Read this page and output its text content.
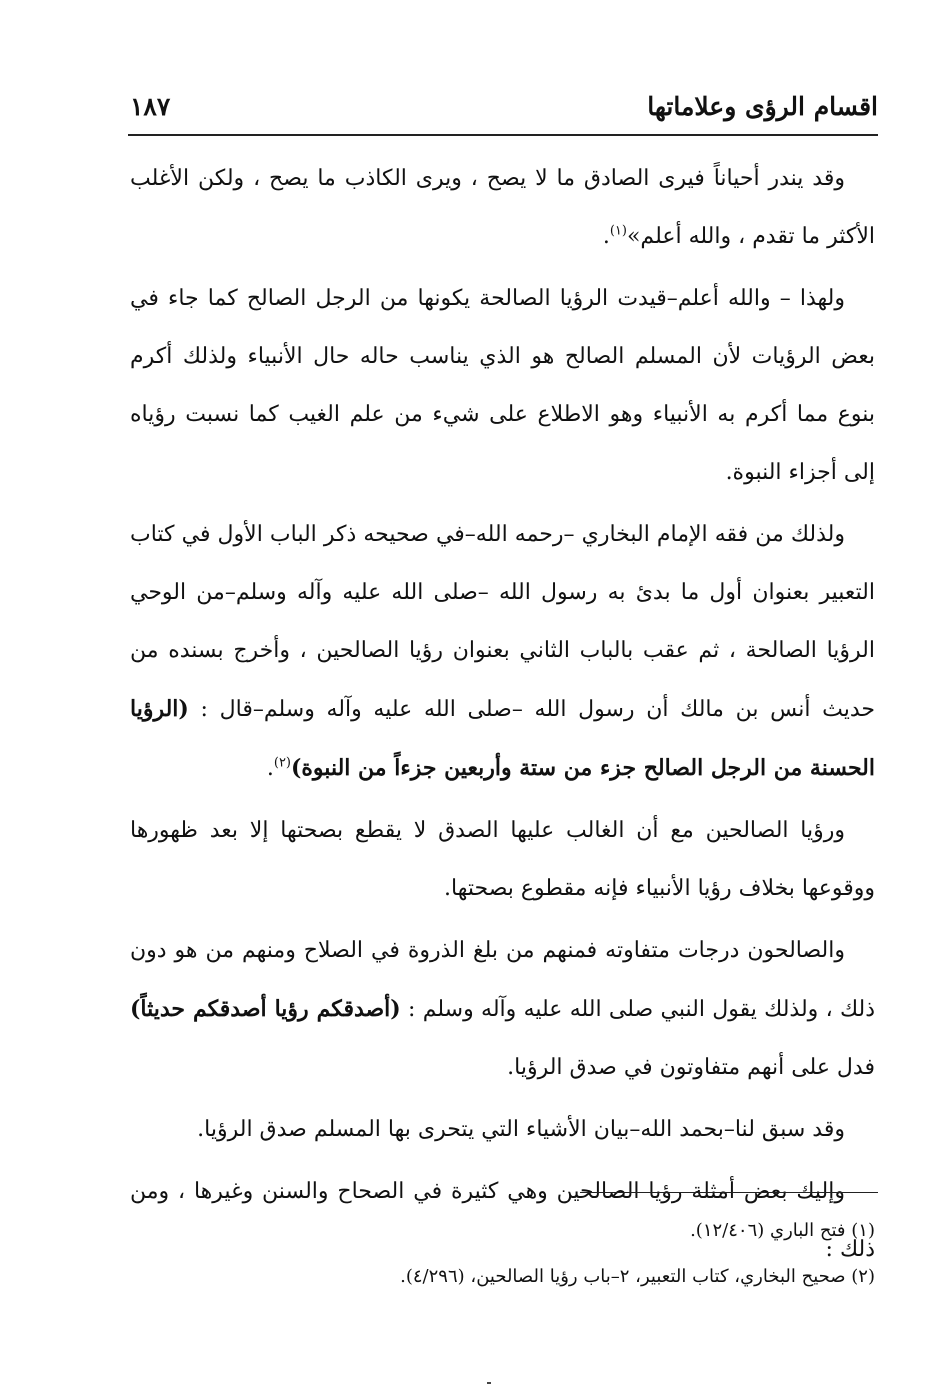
اقسام الرؤى وعلاماتها
١٨٧

وقد يندر أحياناً فيرى الصادق ما لا يصح ، ويرى الكاذب ما يصح ، ولكن الأغلب الأكثر ما تقدم ، والله أعلم»$^{(١)}$.

ولهذا – والله أعلم–قيدت الرؤيا الصالحة يكونها من الرجل الصالح كما جاء في بعض الرؤيات لأن المسلم الصالح هو الذي يناسب حاله حال الأنبياء ولذلك أكرم بنوع مما أكرم به الأنبياء وهو الاطلاع على شيء من علم الغيب كما نسبت رؤياه إلى أجزاء النبوة.

ولذلك من فقه الإمام البخاري –رحمه الله–في صحيحه ذكر الباب الأول في كتاب التعبير بعنوان أول ما بدئ به رسول الله –صلى الله عليه وآله وسلم–من الوحي الرؤيا الصالحة ، ثم عقب بالباب الثاني بعنوان رؤيا الصالحين ، وأخرج بسنده من حديث أنس بن مالك أن رسول الله –صلى الله عليه وآله وسلم–قال : (الرؤيا الحسنة من الرجل الصالح جزء من ستة وأربعين جزءاً من النبوة)$^{(٢)}$.

ورؤيا الصالحين مع أن الغالب عليها الصدق لا يقطع بصحتها إلا بعد ظهورها ووقوعها بخلاف رؤيا الأنبياء فإنه مقطوع بصحتها.

والصالحون درجات متفاوته فمنهم من بلغ الذروة في الصلاح ومنهم من هو دون ذلك ، ولذلك يقول النبي صلى الله عليه وآله وسلم : (أصدقكم رؤيا أصدقكم حديثاً) فدل على أنهم متفاوتون في صدق الرؤيا.

وقد سبق لنا–بحمد الله–بيان الأشياء التي يتحرى بها المسلم صدق الرؤيا.

وإليك بعض أمثلة رؤيا الصالحين وهي كثيرة في الصحاح والسنن وغيرها ، ومن ذلك :

(١) فتح الباري (١٢/٤٠٦).

(٢) صحيح البخاري، كتاب التعبير، ٢–باب رؤيا الصالحين، (٤/٢٩٦).
